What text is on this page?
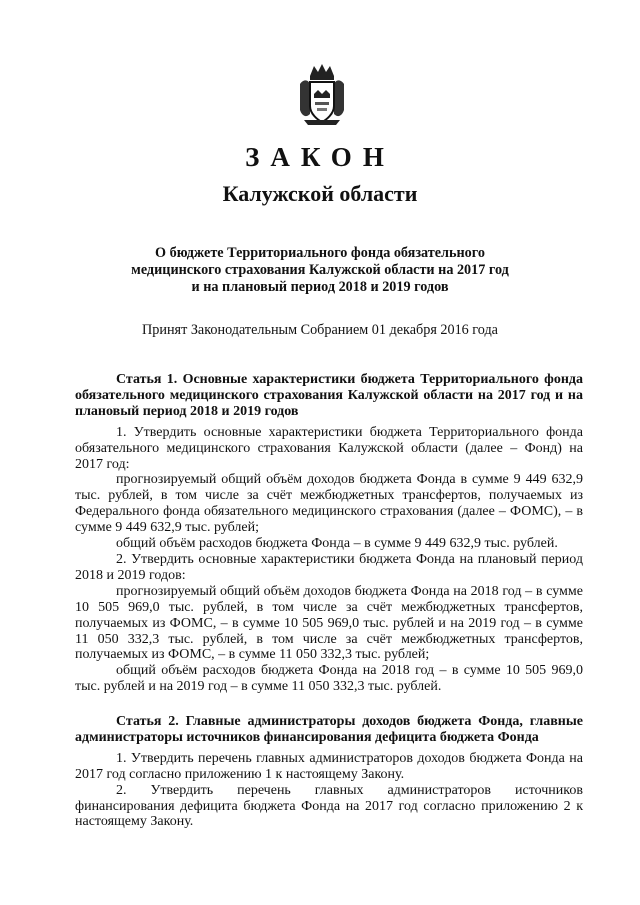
ЗАКОН
Калужской области
О бюджете Территориального фонда обязательного
медицинского страхования Калужской области на 2017 год
и на плановый период 2018 и 2019 годов
Принят Законодательным Собранием 01 декабря 2016 года

Статья 1. Основные характеристики бюджета Территориального фонда обязательного медицинского страхования Калужской области на 2017 год и на плановый период 2018 и 2019 годов

1. Утвердить основные характеристики бюджета Территориального фонда обязательного медицинского страхования Калужской области (далее – Фонд) на 2017 год:

прогнозируемый общий объём доходов бюджета Фонда в сумме 9 449 632,9 тыс. рублей, в том числе за счёт межбюджетных трансфертов, получаемых из Федерального фонда обязательного медицинского страхования (далее – ФОМС), – в сумме 9 449 632,9 тыс. рублей;

общий объём расходов бюджета Фонда – в сумме 9 449 632,9 тыс. рублей.

2. Утвердить основные характеристики бюджета Фонда на плановый период 2018 и 2019 годов:

прогнозируемый общий объём доходов бюджета Фонда на 2018 год – в сумме 10 505 969,0 тыс. рублей, в том числе за счёт межбюджетных трансфертов, получаемых из ФОМС, – в сумме 10 505 969,0 тыс. рублей и на 2019 год – в сумме 11 050 332,3 тыс. рублей, в том числе за счёт межбюджетных трансфертов, получаемых из ФОМС, – в сумме 11 050 332,3 тыс. рублей;

общий объём расходов бюджета Фонда на 2018 год – в сумме 10 505 969,0 тыс. рублей и на 2019 год – в сумме 11 050 332,3 тыс. рублей.

Статья 2. Главные администраторы доходов бюджета Фонда, главные администраторы источников финансирования дефицита бюджета Фонда

1. Утвердить перечень главных администраторов доходов бюджета Фонда на 2017 год согласно приложению 1 к настоящему Закону.

2. Утвердить перечень главных администраторов источников финансирования дефицита бюджета Фонда на 2017 год согласно приложению 2 к настоящему Закону.
